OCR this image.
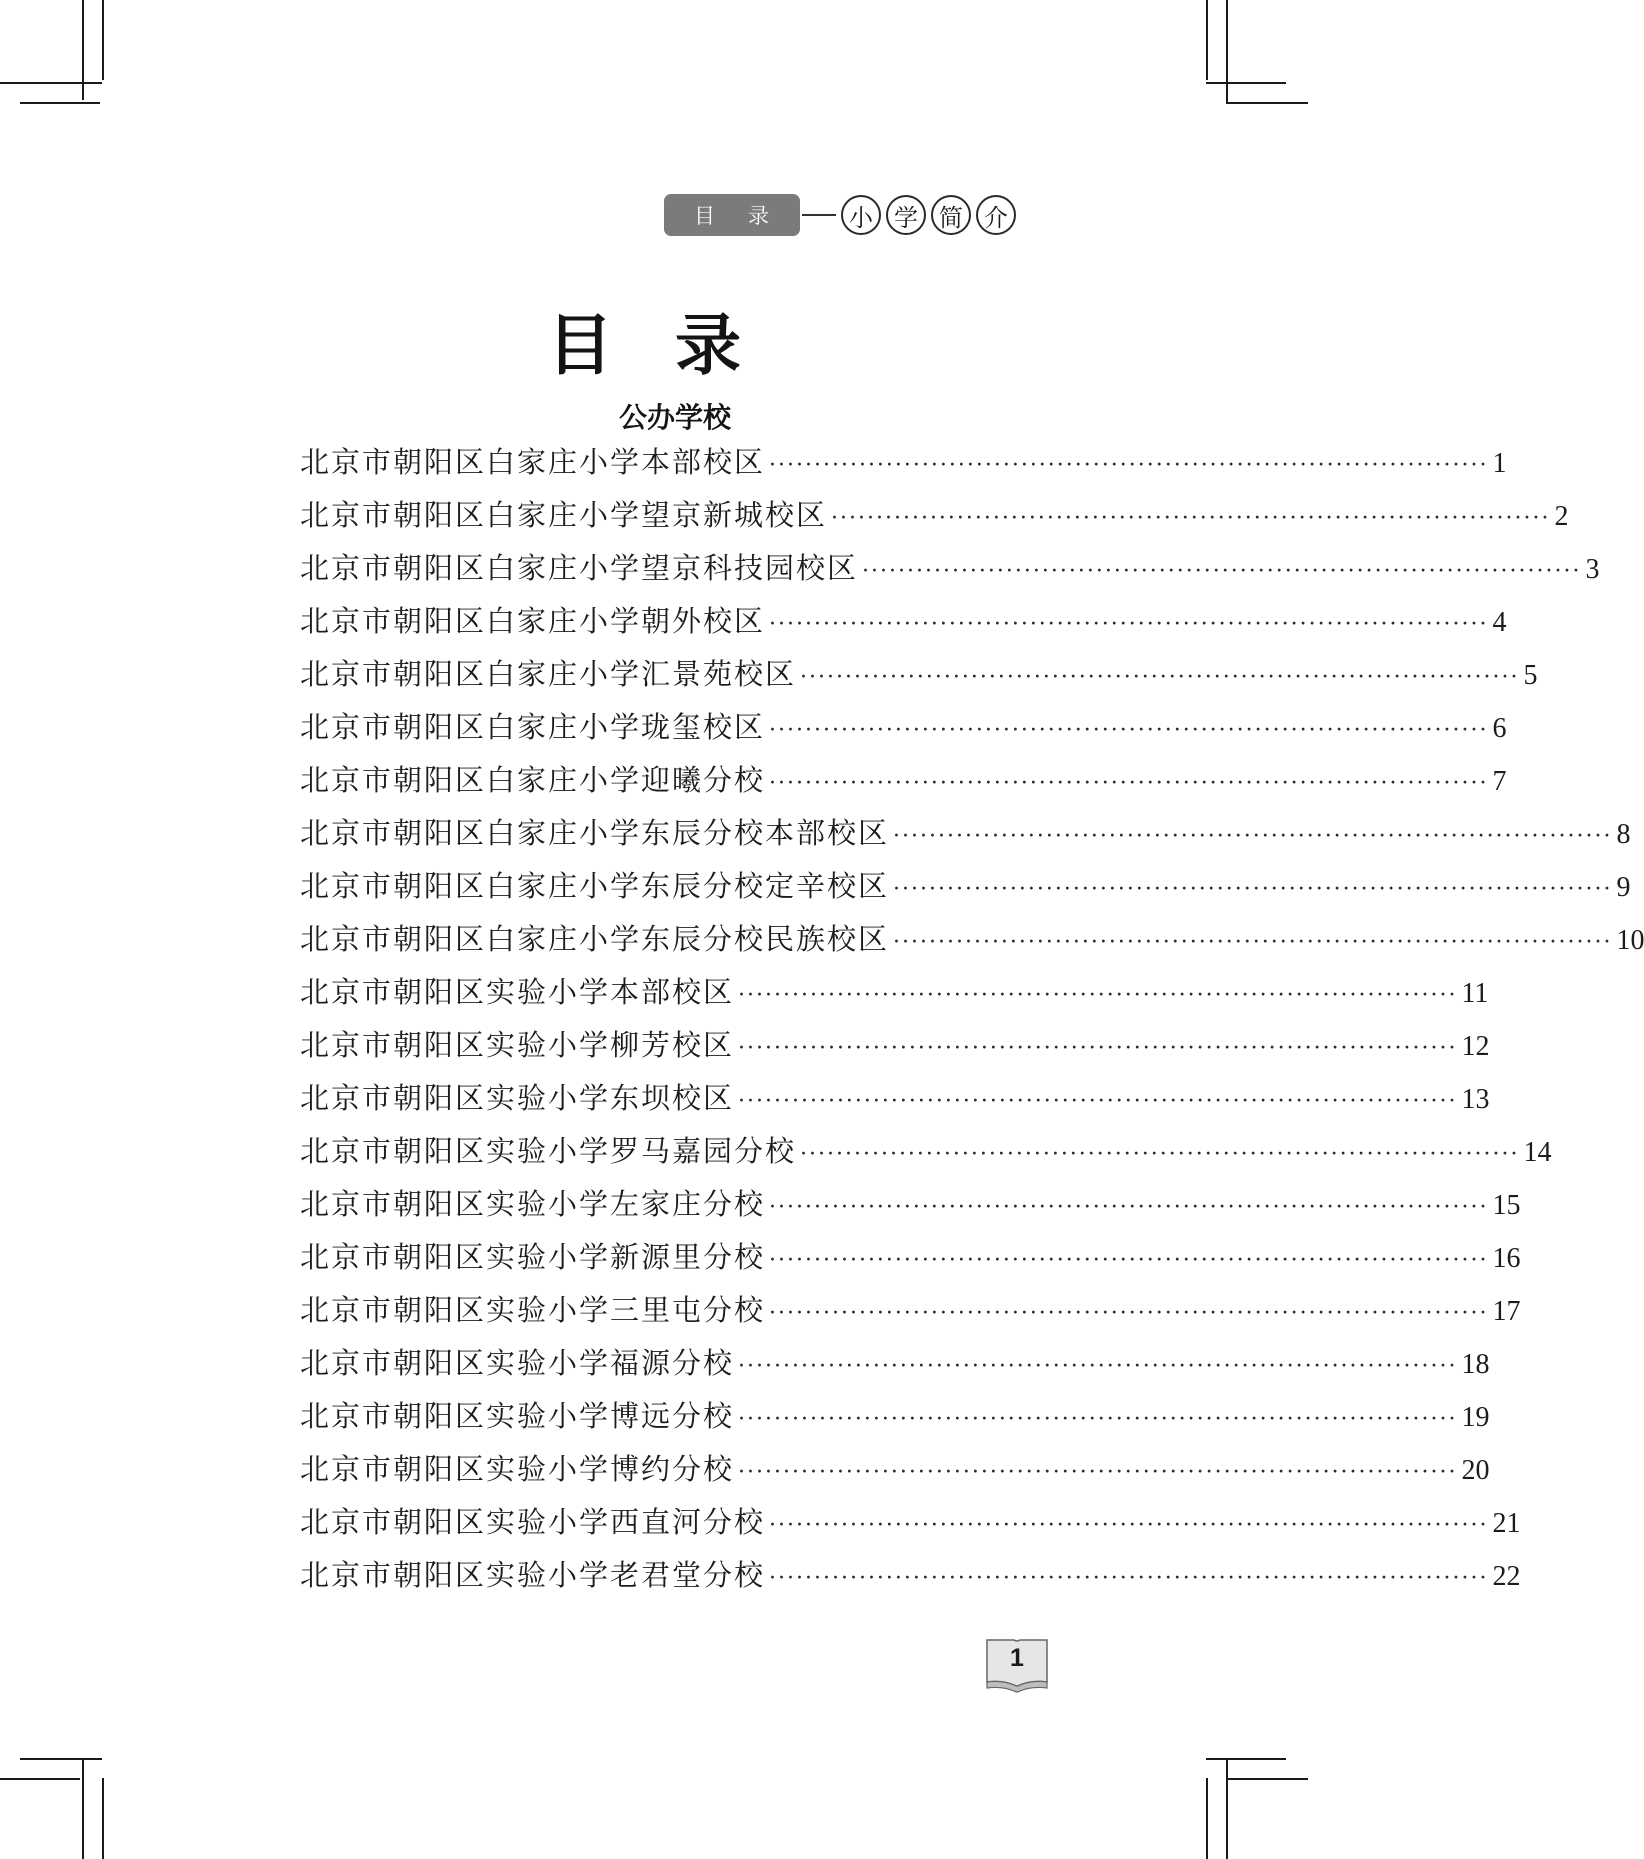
目 录	小 学 简 介
目录
公办学校
北京市朝阳区白家庄小学本部校区 ················································································ 1
北京市朝阳区白家庄小学望京新城校区 ················································································ 2
北京市朝阳区白家庄小学望京科技园校区 ················································································ 3
北京市朝阳区白家庄小学朝外校区 ················································································ 4
北京市朝阳区白家庄小学汇景苑校区 ················································································ 5
北京市朝阳区白家庄小学珑玺校区 ················································································ 6
北京市朝阳区白家庄小学迎曦分校 ················································································ 7
北京市朝阳区白家庄小学东辰分校本部校区 ················································································ 8
北京市朝阳区白家庄小学东辰分校定辛校区 ················································································ 9
北京市朝阳区白家庄小学东辰分校民族校区 ················································································ 10
北京市朝阳区实验小学本部校区 ················································································ 11
北京市朝阳区实验小学柳芳校区 ················································································ 12
北京市朝阳区实验小学东坝校区 ················································································ 13
北京市朝阳区实验小学罗马嘉园分校 ················································································ 14
北京市朝阳区实验小学左家庄分校 ················································································ 15
北京市朝阳区实验小学新源里分校 ················································································ 16
北京市朝阳区实验小学三里屯分校 ················································································ 17
北京市朝阳区实验小学福源分校 ················································································ 18
北京市朝阳区实验小学博远分校 ················································································ 19
北京市朝阳区实验小学博约分校 ················································································ 20
北京市朝阳区实验小学西直河分校 ················································································ 21
北京市朝阳区实验小学老君堂分校 ················································································ 22
1
